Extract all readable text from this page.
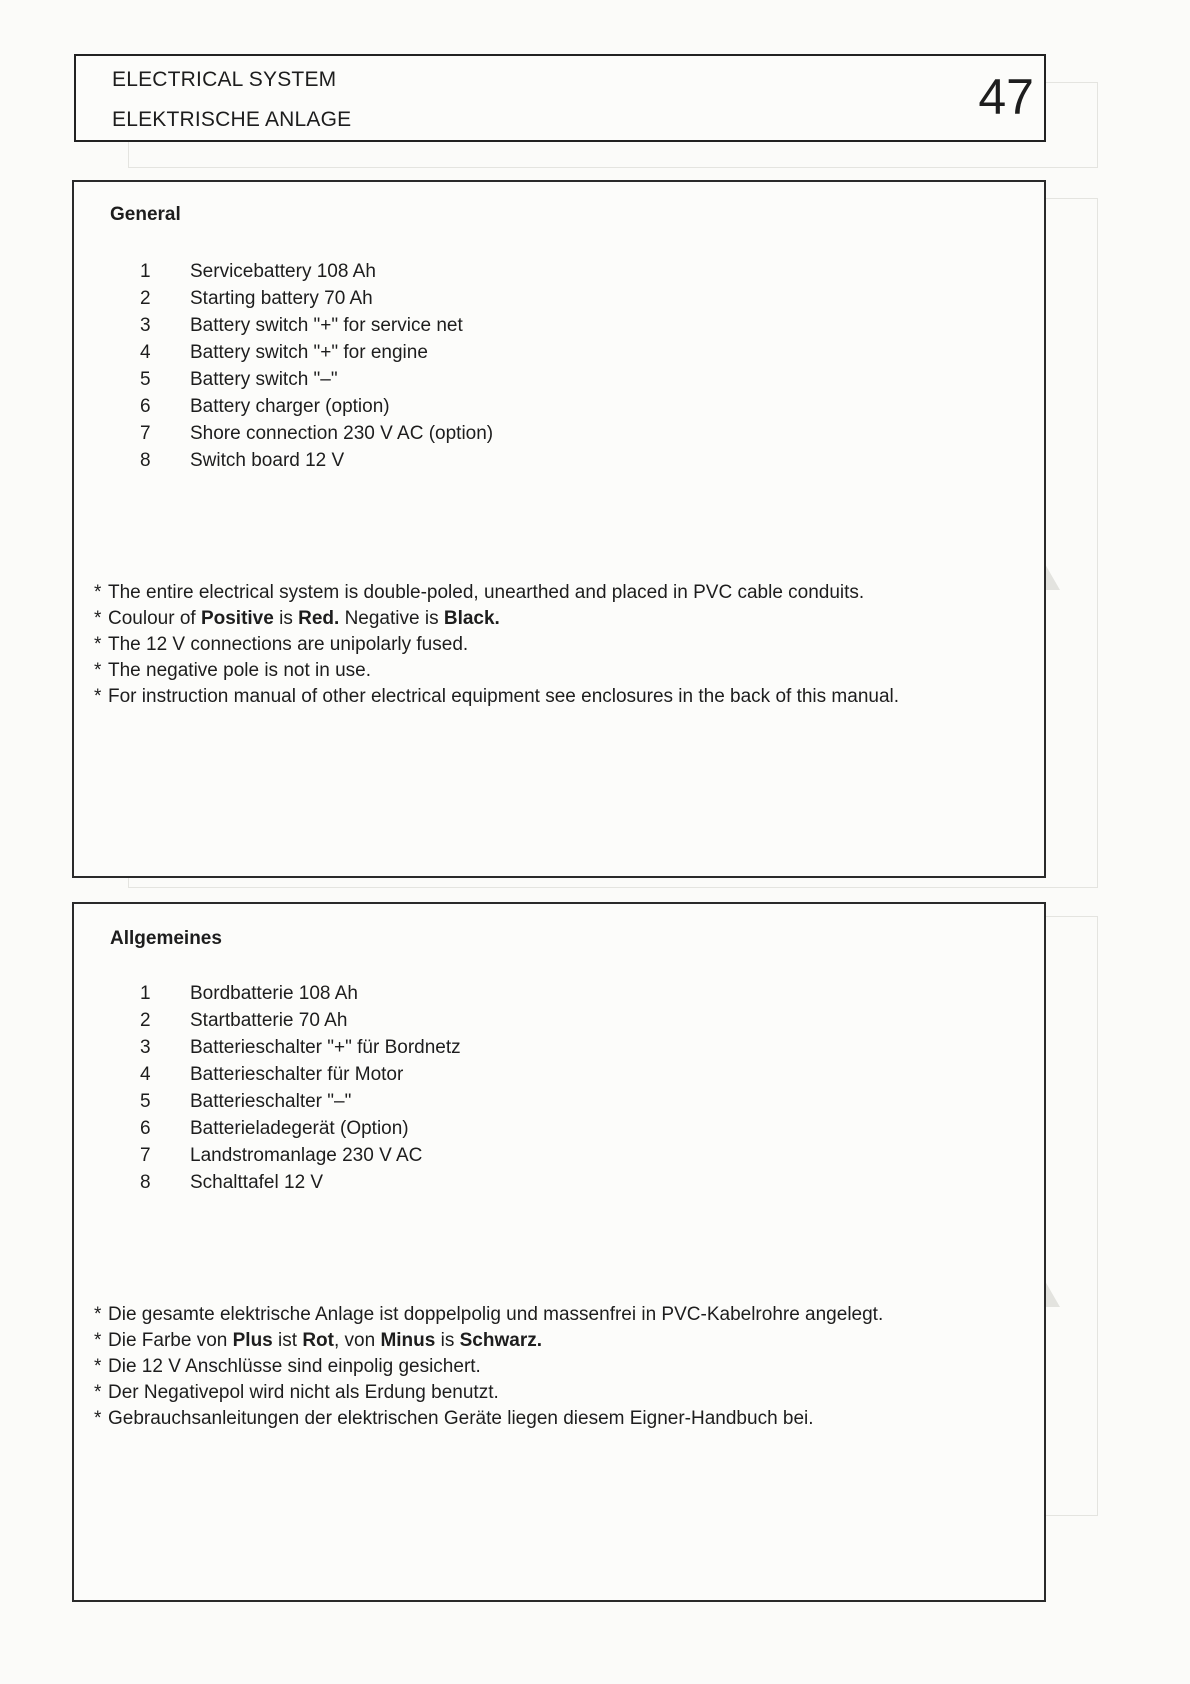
ELECTRICAL SYSTEM
ELEKTRISCHE ANLAGE	47
General
1	Servicebattery 108 Ah
2	Starting battery 70 Ah
3	Battery switch "+" for service net
4	Battery switch "+" for engine
5	Battery switch "–"
6	Battery charger (option)
7	Shore connection 230 V AC (option)
8	Switch board 12 V
* The entire electrical system is double-poled, unearthed and placed in PVC cable conduits.
* Coulour of Positive is Red. Negative is Black.
* The 12 V connections are unipolarly fused.
* The negative pole is not in use.
* For instruction manual of other electrical equipment see enclosures in the back of this manual.
Allgemeines
1	Bordbatterie 108 Ah
2	Startbatterie 70 Ah
3	Batterieschalter "+" für Bordnetz
4	Batterieschalter für Motor
5	Batterieschalter "–"
6	Batterieladegerät (Option)
7	Landstromanlage 230 V AC
8	Schalttafel 12 V
* Die gesamte elektrische Anlage ist doppelpolig und massenfrei in PVC-Kabelrohre angelegt.
* Die Farbe von Plus ist Rot, von Minus is Schwarz.
* Die 12 V Anschlüsse sind einpolig gesichert.
* Der Negativepol wird nicht als Erdung benutzt.
* Gebrauchsanleitungen der elektrischen Geräte liegen diesem Eigner-Handbuch bei.
